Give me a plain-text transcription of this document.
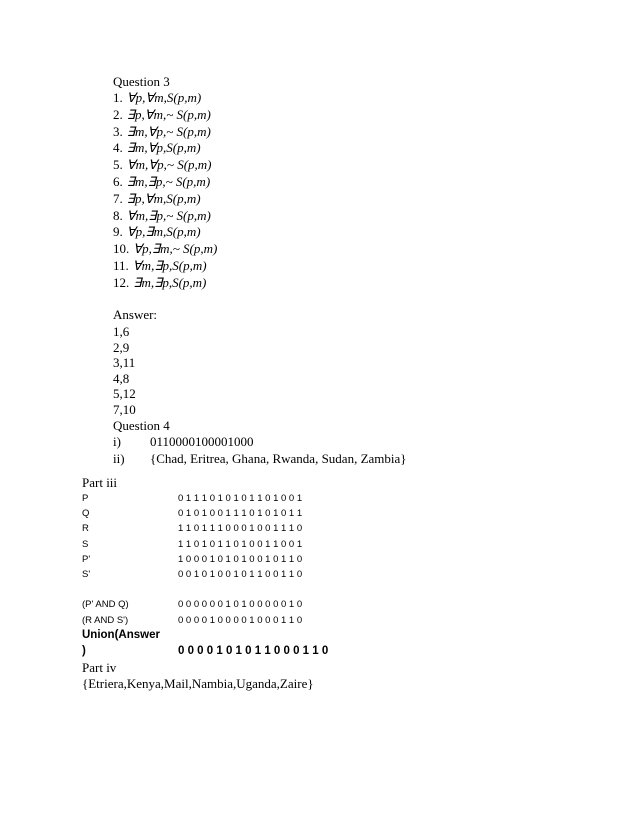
Question 3
1. ∀p,∀m,S(p,m)
2. ∃p,∀m,~ S(p,m)
3. ∃m,∀p,~ S(p,m)
4. ∃m,∀p,S(p,m)
5. ∀m,∀p,~ S(p,m)
6. ∃m,∃p,~ S(p,m)
7. ∃p,∀m,S(p,m)
8. ∀m,∃p,~ S(p,m)
9. ∀p,∃m,S(p,m)
10. ∀p,∃m,~ S(p,m)
11. ∀m,∃p,S(p,m)
12. ∃m,∃p,S(p,m)
Answer:
1,6
2,9
3,11
4,8
5,12
7,10
Question 4
i) 0110000100001000
ii) {Chad, Eritrea, Ghana, Rwanda, Sudan, Zambia}
Part iii
P	0 1 1 1 0 1 0 1 0 1 1 0 1 0 0 1
Q	0 1 0 1 0 0 1 1 1 0 1 0 1 0 1 1
R	1 1 0 1 1 1 0 0 0 1 0 0 1 1 1 0
S	1 1 0 1 0 1 1 0 1 0 0 1 1 0 0 1
P'	1 0 0 0 1 0 1 0 1 0 0 1 0 1 1 0
S'	0 0 1 0 1 0 0 1 0 1 1 0 0 1 1 0
(P' AND Q)	0 0 0 0 0 0 1 0 1 0 0 0 0 0 1 0
(R AND S')	0 0 0 0 1 0 0 0 0 1 0 0 0 1 1 0
Union(Answer
)	0 0 0 0 1 0 1 0 1 1 0 0 0 1 1 0
Part iv
{Etriera,Kenya,Mail,Nambia,Uganda,Zaire}
